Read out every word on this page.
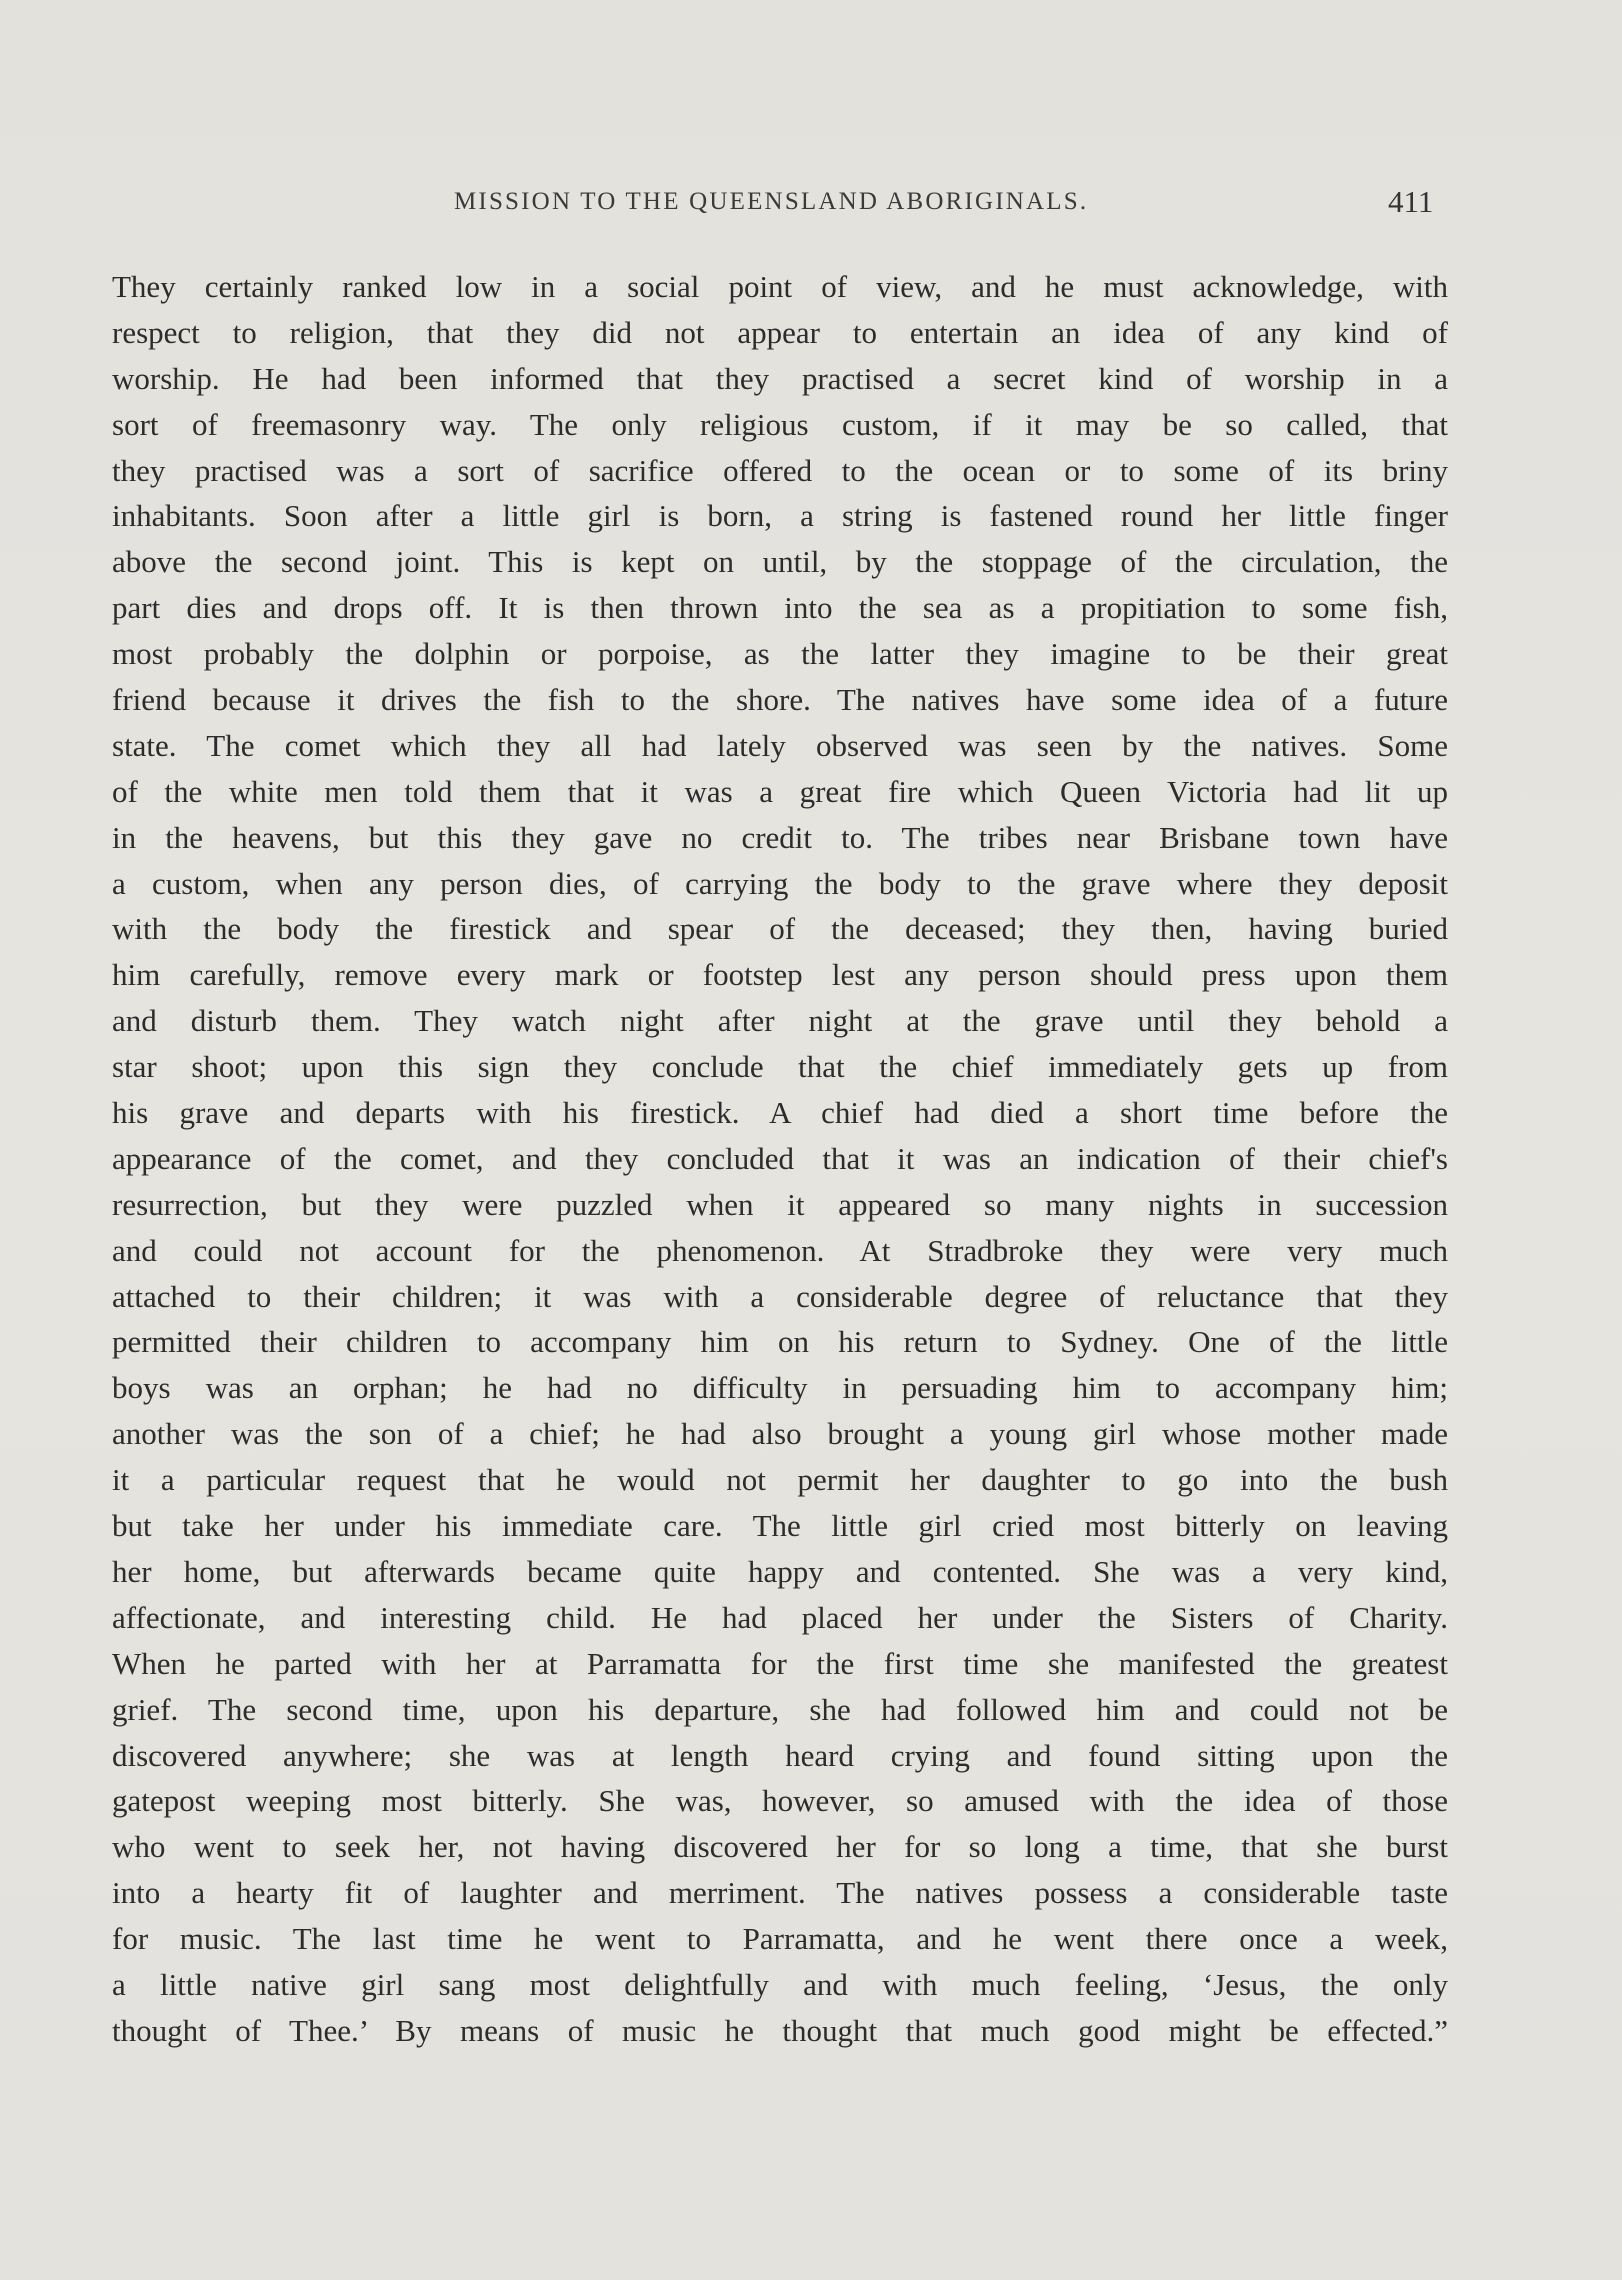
MISSION TO THE QUEENSLAND ABORIGINALS.	411
They certainly ranked low in a social point of view, and he must acknowledge, with
respect to religion, that they did not appear to entertain an idea of any kind of
worship. He had been informed that they practised a secret kind of worship in a
sort of freemasonry way. The only religious custom, if it may be so called, that
they practised was a sort of sacrifice offered to the ocean or to some of its briny
inhabitants. Soon after a little girl is born, a string is fastened round her little finger
above the second joint. This is kept on until, by the stoppage of the circulation, the
part dies and drops off. It is then thrown into the sea as a propitiation to some fish,
most probably the dolphin or porpoise, as the latter they imagine to be their great
friend because it drives the fish to the shore. The natives have some idea of a future
state. The comet which they all had lately observed was seen by the natives. Some
of the white men told them that it was a great fire which Queen Victoria had lit up
in the heavens, but this they gave no credit to. The tribes near Brisbane town have
a custom, when any person dies, of carrying the body to the grave where they deposit
with the body the firestick and spear of the deceased; they then, having buried
him carefully, remove every mark or footstep lest any person should press upon them
and disturb them. They watch night after night at the grave until they behold a
star shoot; upon this sign they conclude that the chief immediately gets up from
his grave and departs with his firestick. A chief had died a short time before the
appearance of the comet, and they concluded that it was an indication of their chief's
resurrection, but they were puzzled when it appeared so many nights in succession
and could not account for the phenomenon. At Stradbroke they were very much
attached to their children; it was with a considerable degree of reluctance that they
permitted their children to accompany him on his return to Sydney. One of the little
boys was an orphan; he had no difficulty in persuading him to accompany him;
another was the son of a chief; he had also brought a young girl whose mother made
it a particular request that he would not permit her daughter to go into the bush
but take her under his immediate care. The little girl cried most bitterly on leaving
her home, but afterwards became quite happy and contented. She was a very kind,
affectionate, and interesting child. He had placed her under the Sisters of Charity.
When he parted with her at Parramatta for the first time she manifested the greatest
grief. The second time, upon his departure, she had followed him and could not be
discovered anywhere; she was at length heard crying and found sitting upon the
gatepost weeping most bitterly. She was, however, so amused with the idea of those
who went to seek her, not having discovered her for so long a time, that she burst
into a hearty fit of laughter and merriment. The natives possess a considerable taste
for music. The last time he went to Parramatta, and he went there once a week,
a little native girl sang most delightfully and with much feeling, ‘Jesus, the only
thought of Thee.’ By means of music he thought that much good might be effected.”
